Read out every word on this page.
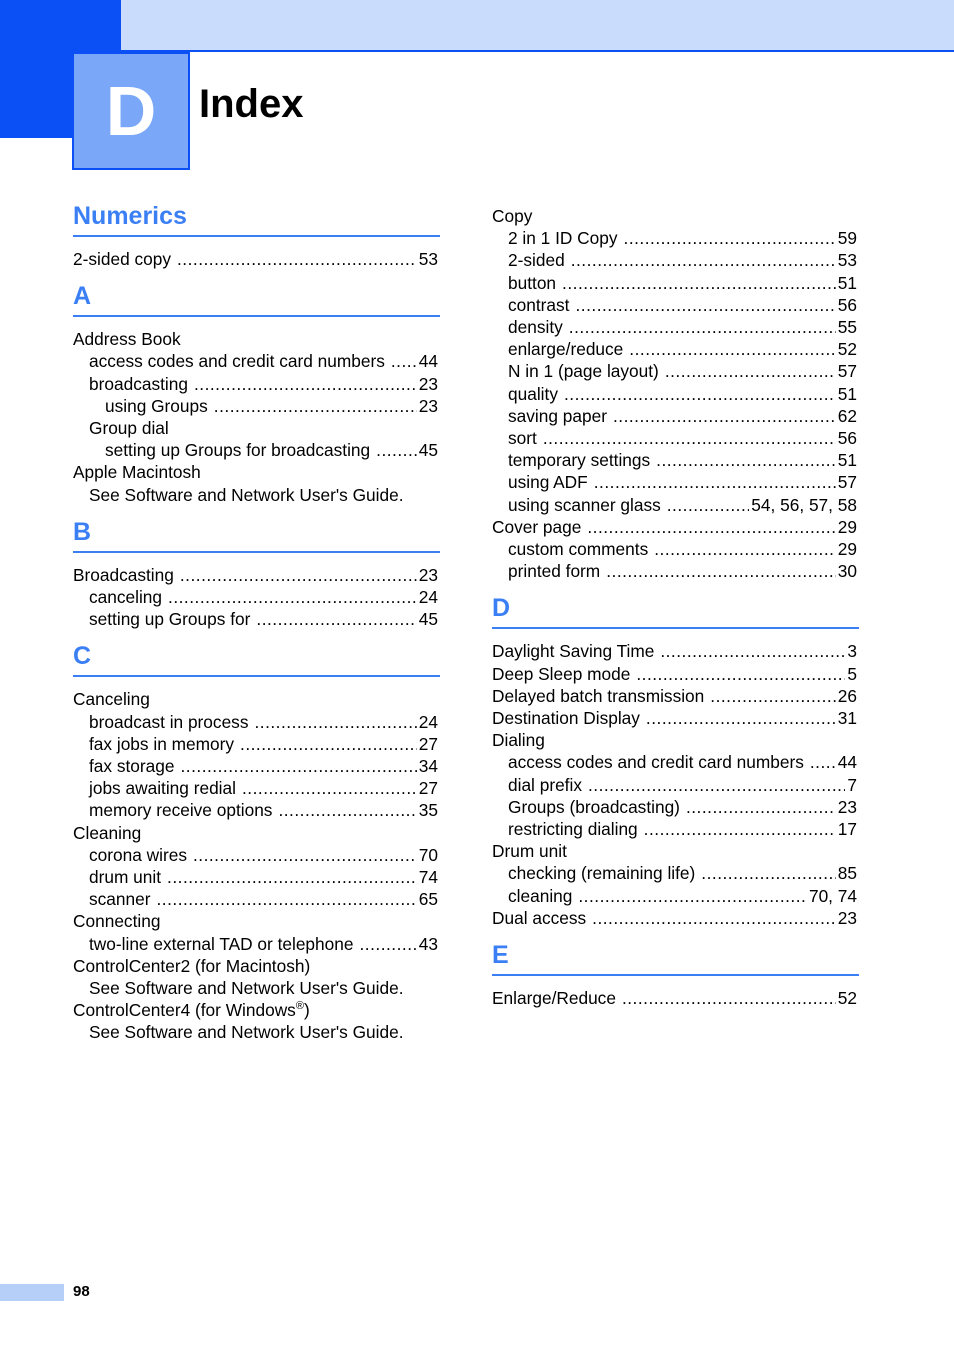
D Index
Numerics
2-sided copy .....	53
A
Address Book
access codes and credit card numbers ..... 44
broadcasting .....	23
using Groups .....	23
Group dial
setting up Groups for broadcasting .....	45
Apple Macintosh
See Software and Network User's Guide.
B
Broadcasting .....	23
canceling .....	24
setting up Groups for .....	45
C
Canceling
broadcast in process .....	24
fax jobs in memory .....	27
fax storage .....	34
jobs awaiting redial .....	27
memory receive options .....	35
Cleaning
corona wires .....	70
drum unit .....	74
scanner .....	65
Connecting
two-line external TAD or telephone .....	43
ControlCenter2 (for Macintosh)
See Software and Network User's Guide.
ControlCenter4 (for Windows®)
See Software and Network User's Guide.
Copy
2 in 1 ID Copy .....	59
2-sided .....	53
button .....	51
contrast .....	56
density .....	55
enlarge/reduce .....	52
N in 1 (page layout) .....	57
quality .....	51
saving paper .....	62
sort .....	56
temporary settings .....	51
using ADF .....	57
using scanner glass .....	54, 56, 57, 58
Cover page .....	29
custom comments .....	29
printed form .....	30
D
Daylight Saving Time .....	3
Deep Sleep mode .....	5
Delayed batch transmission .....	26
Destination Display .....	31
Dialing
access codes and credit card numbers ..... 44
dial prefix .....	7
Groups (broadcasting) .....	23
restricting dialing .....	17
Drum unit
checking (remaining life) .....	85
cleaning .....	70, 74
Dual access .....	23
E
Enlarge/Reduce .....	52
98
